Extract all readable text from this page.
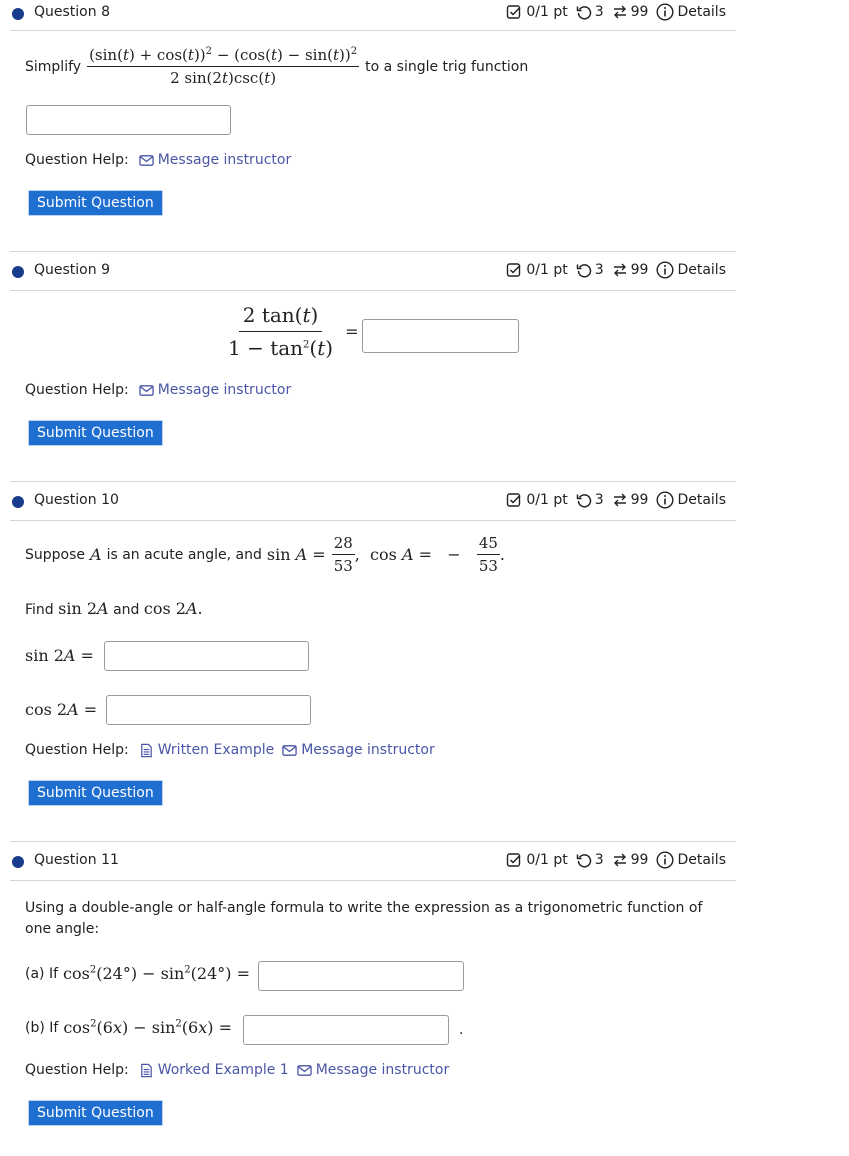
Question 8	0/1 pt 3 99 Details
Simplify $\frac{(\sin(t) + \cos(t))^2 - (\cos(t) - \sin(t))^2}{2 \sin(2t)\csc(t)}$ to a single trig function
Question Help: Message instructor
Submit Question
Question 9	0/1 pt 3 99 Details
$\frac{2 \tan(t)}{1 - \tan^2(t)}$ =
Question Help: Message instructor
Submit Question
Question 10	0/1 pt 3 99 Details
Suppose A is an acute angle, and $\sin A = \frac{28}{53}$ ,  cos A =   − $\frac{45}{53}$ .
Find sin 2A and cos 2A.
sin 2A =
cos 2A =
Question Help: Written Example Message instructor
Submit Question
Question 11	0/1 pt 3 99 Details
Using a double-angle or half-angle formula to write the expression as a trigonometric function of one angle:
(a) If $\cos^2(24^\circ) - \sin^2(24^\circ)$ =
(b) If $\cos^2(6x) - \sin^2(6x)$ =	.
Question Help: Worked Example 1 Message instructor
Submit Question
